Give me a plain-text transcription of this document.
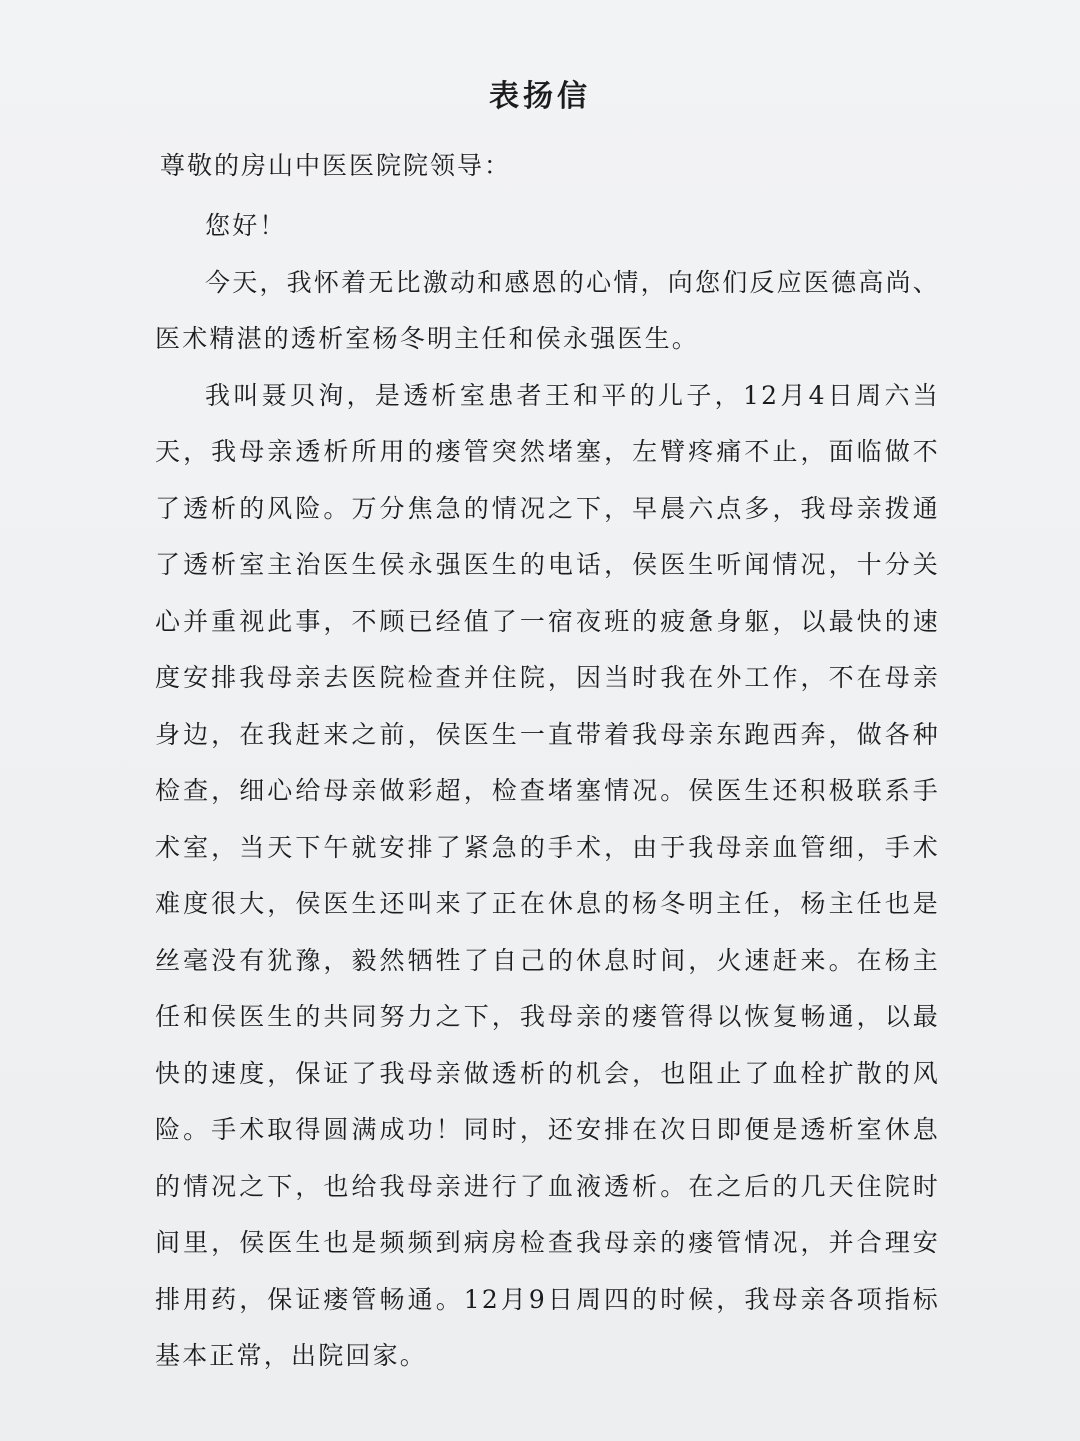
表扬信
尊敬的房山中医医院院领导：

您好！

今天，我怀着无比激动和感恩的心情，向您们反应医德高尚、医术精湛的透析室杨冬明主任和侯永强医生。

我叫聂贝洵，是透析室患者王和平的儿子，12月4日周六当天，我母亲透析所用的瘘管突然堵塞，左臂疼痛不止，面临做不了透析的风险。万分焦急的情况之下，早晨六点多，我母亲拨通了透析室主治医生侯永强医生的电话，侯医生听闻情况，十分关心并重视此事，不顾已经值了一宿夜班的疲惫身躯，以最快的速度安排我母亲去医院检查并住院，因当时我在外工作，不在母亲身边，在我赶来之前，侯医生一直带着我母亲东跑西奔，做各种检查，细心给母亲做彩超，检查堵塞情况。侯医生还积极联系手术室，当天下午就安排了紧急的手术，由于我母亲血管细，手术难度很大，侯医生还叫来了正在休息的杨冬明主任，杨主任也是丝毫没有犹豫，毅然牺牲了自己的休息时间，火速赶来。在杨主任和侯医生的共同努力之下，我母亲的瘘管得以恢复畅通，以最快的速度，保证了我母亲做透析的机会，也阻止了血栓扩散的风险。手术取得圆满成功！同时，还安排在次日即便是透析室休息的情况之下，也给我母亲进行了血液透析。在之后的几天住院时间里，侯医生也是频频到病房检查我母亲的瘘管情况，并合理安排用药，保证瘘管畅通。12月9日周四的时候，我母亲各项指标基本正常，出院回家。
